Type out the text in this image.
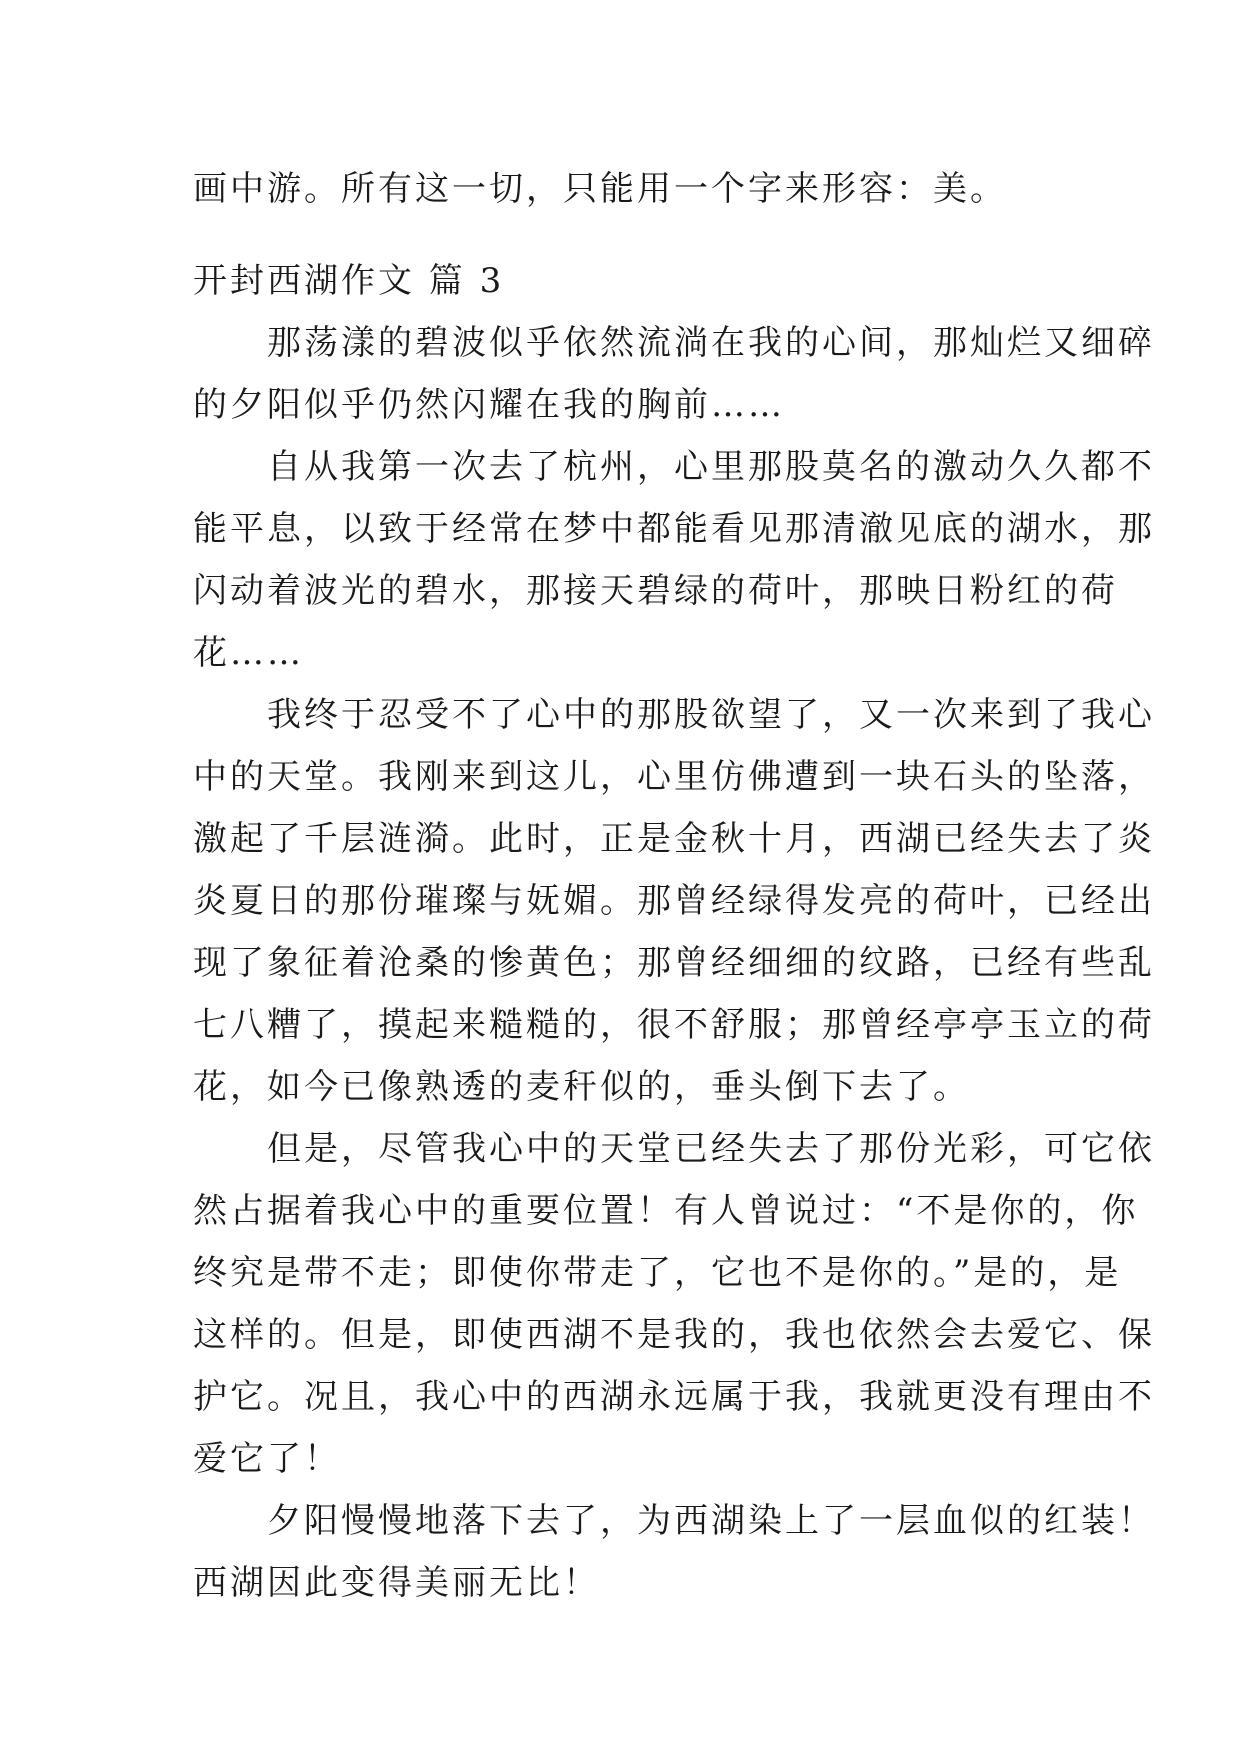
画中游。所有这一切，只能用一个字来形容：美。

开封西湖作文 篇 3

　　那荡漾的碧波似乎依然流淌在我的心间，那灿烂又细碎

的夕阳似乎仍然闪耀在我的胸前……

　　自从我第一次去了杭州，心里那股莫名的激动久久都不

能平息，以致于经常在梦中都能看见那清澈见底的湖水，那

闪动着波光的碧水，那接天碧绿的荷叶，那映日粉红的荷

花……

　　我终于忍受不了心中的那股欲望了，又一次来到了我心

中的天堂。我刚来到这儿，心里仿佛遭到一块石头的坠落，

激起了千层涟漪。此时，正是金秋十月，西湖已经失去了炎

炎夏日的那份璀璨与妩媚。那曾经绿得发亮的荷叶，已经出

现了象征着沧桑的惨黄色；那曾经细细的纹路，已经有些乱

七八糟了，摸起来糙糙的，很不舒服；那曾经亭亭玉立的荷

花，如今已像熟透的麦秆似的，垂头倒下去了。

　　但是，尽管我心中的天堂已经失去了那份光彩，可它依

然占据着我心中的重要位置！有人曾说过：“不是你的，你

终究是带不走；即使你带走了，它也不是你的。”是的，是

这样的。但是，即使西湖不是我的，我也依然会去爱它、保

护它。况且，我心中的西湖永远属于我，我就更没有理由不

爱它了！

　　夕阳慢慢地落下去了，为西湖染上了一层血似的红装！

西湖因此变得美丽无比！
